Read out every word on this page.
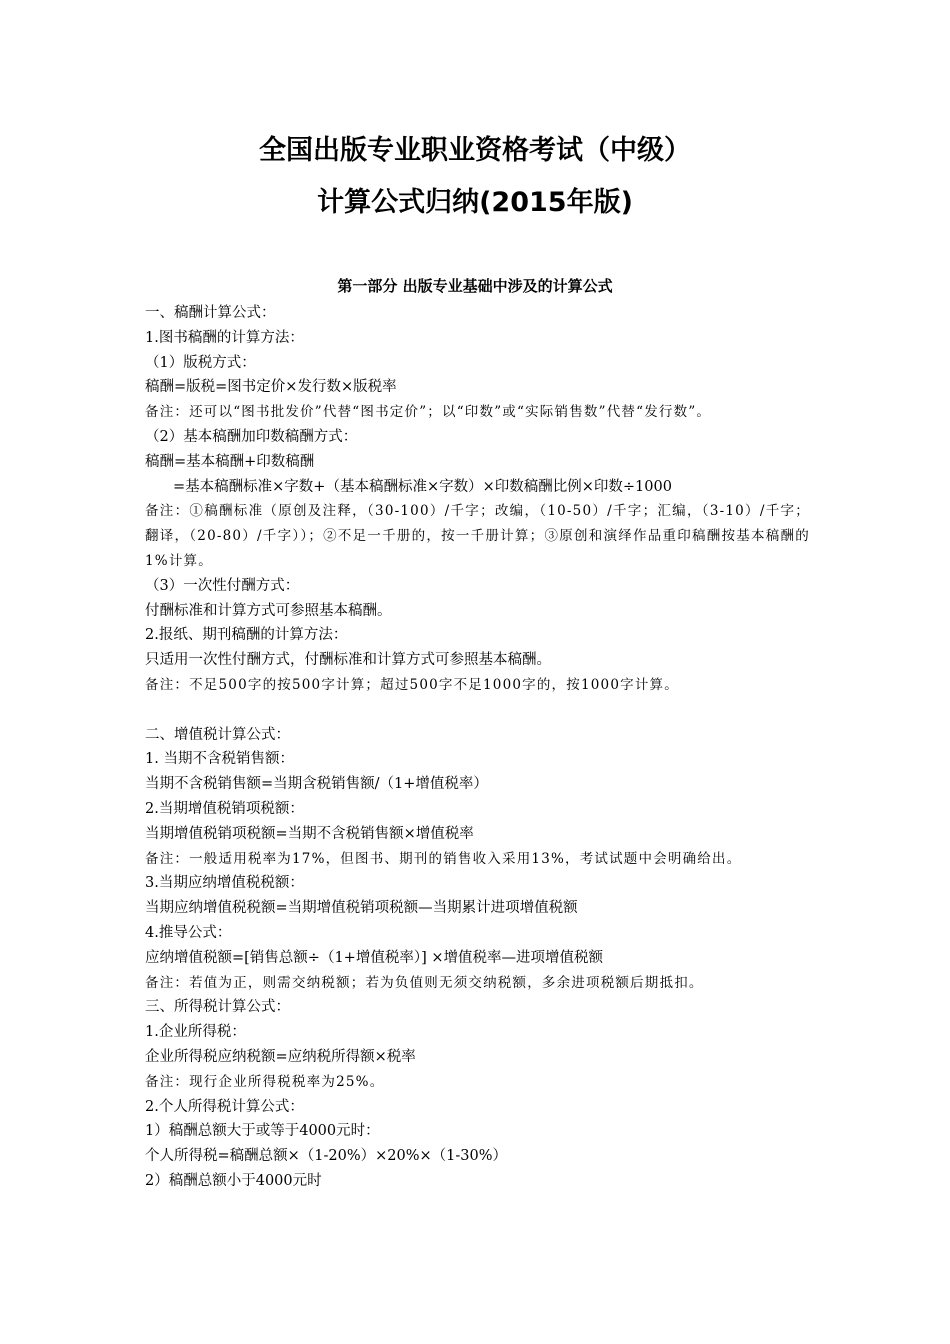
全国出版专业职业资格考试（中级）
计算公式归纳(2015年版)
第一部分 出版专业基础中涉及的计算公式
一、稿酬计算公式：
1.图书稿酬的计算方法：
（1）版税方式：
稿酬=版税=图书定价×发行数×版税率
备注：还可以“图书批发价”代替“图书定价”；以“印数”或“实际销售数”代替“发行数”。
（2）基本稿酬加印数稿酬方式：
稿酬=基本稿酬+印数稿酬
=基本稿酬标准×字数+（基本稿酬标准×字数）×印数稿酬比例×印数÷1000
备注：①稿酬标准（原创及注释，（30-100）/千字；改编，（10-50）/千字；汇编，（3-10）/千字；翻译，（20-80）/千字））；②不足一千册的，按一千册计算；③原创和演绎作品重印稿酬按基本稿酬的1%计算。
（3）一次性付酬方式：
付酬标准和计算方式可参照基本稿酬。
2.报纸、期刊稿酬的计算方法：
只适用一次性付酬方式，付酬标准和计算方式可参照基本稿酬。
备注：不足500字的按500字计算；超过500字不足1000字的，按1000字计算。
二、增值税计算公式：
1. 当期不含税销售额：
当期不含税销售额=当期含税销售额/（1+增值税率）
2.当期增值税销项税额：
当期增值税销项税额=当期不含税销售额×增值税率
备注：一般适用税率为17%，但图书、期刊的销售收入采用13%，考试试题中会明确给出。
3.当期应纳增值税税额：
当期应纳增值税税额=当期增值税销项税额—当期累计进项增值税额
4.推导公式：
应纳增值税额=[销售总额÷（1+增值税率）] ×增值税率—进项增值税额
备注：若值为正，则需交纳税额；若为负值则无须交纳税额，多余进项税额后期抵扣。
三、所得税计算公式：
1.企业所得税：
企业所得税应纳税额=应纳税所得额×税率
备注：现行企业所得税税率为25%。
2.个人所得税计算公式：
1）稿酬总额大于或等于4000元时：
个人所得税=稿酬总额×（1-20%）×20%×（1-30%）
2）稿酬总额小于4000元时
